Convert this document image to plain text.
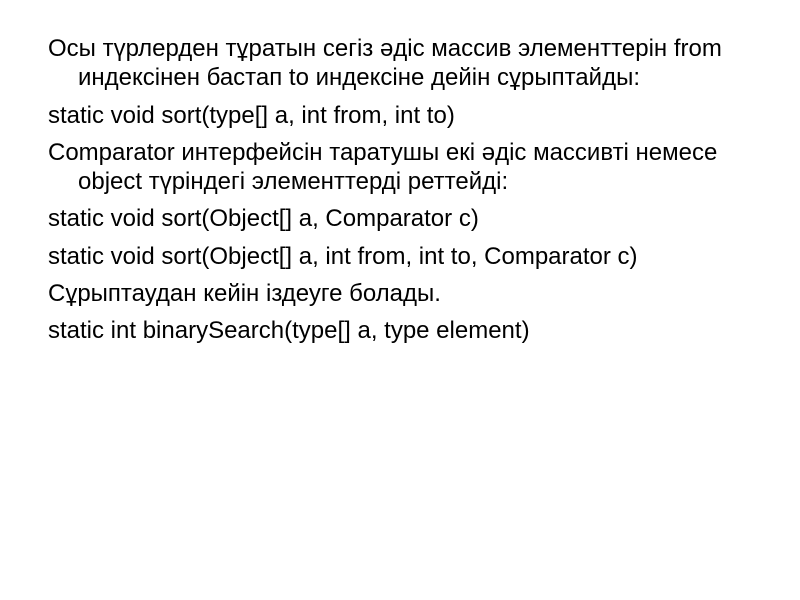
Осы түрлерден тұратын сегіз әдіс массив элементтерін from индексінен бастап to индексіне дейін сұрыптайды:

static void sort(type[] a, int from, int to)

Comparator интерфейсін таратушы екі әдіс массивті немесе object түріндегі элементтерді реттейді:

static void sort(Object[] a, Comparator c)

static void sort(Object[] a, int from, int to, Comparator c)

Сұрыптаудан кейін іздеуге болады.

static int binarySearch(type[] a, type element)
